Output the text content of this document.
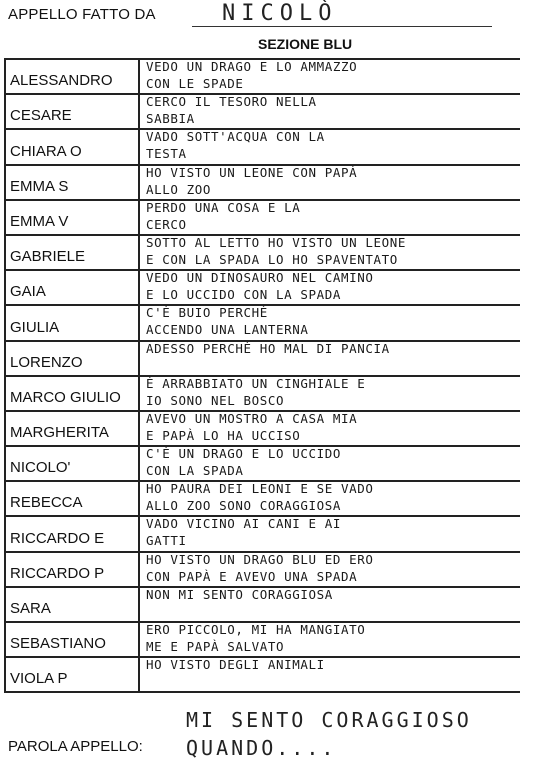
APPELLO FATTO DA	NICOLÒ
SEZIONE BLU
ALESSANDRO
VEDO UN DRAGO E LO AMMAZZO
CON LE SPADE
CESARE
CERCO IL TESORO NELLA
SABBIA
CHIARA O
VADO SOTT'ACQUA CON LA
TESTA
EMMA S
HO VISTO UN LEONE CON PAPÀ
ALLO ZOO
EMMA V
PERDO UNA COSA E LA
CERCO
GABRIELE
SOTTO AL LETTO HO VISTO UN LEONE
E CON LA SPADA LO HO SPAVENTATO
GAIA
VEDO UN DINOSAURO NEL CAMINO
E LO UCCIDO CON LA SPADA
GIULIA
C'È BUIO PERCHÈ
ACCENDO UNA LANTERNA
LORENZO
ADESSO PERCHÈ HO MAL DI PANCIA
MARCO GIULIO
È ARRABBIATO UN CINGHIALE E
IO SONO NEL BOSCO
MARGHERITA
AVEVO UN MOSTRO A CASA MIA
E PAPÀ LO HA UCCISO
NICOLO'
C'È UN DRAGO E LO UCCIDO
CON LA SPADA
REBECCA
HO PAURA DEI LEONI E SE VADO
ALLO ZOO SONO CORAGGIOSA
RICCARDO E
VADO VICINO AI CANI E AI
GATTI
RICCARDO P
HO VISTO UN DRAGO BLU ED ERO
CON PAPÀ E AVEVO UNA SPADA
SARA
NON MI SENTO CORAGGIOSA
SEBASTIANO
ERO PICCOLO, MI HA MANGIATO
ME E PAPÀ SALVATO
VIOLA P
HO VISTO DEGLI ANIMALI
PAROLA APPELLO:
MI SENTO CORAGGIOSO
QUANDO....
